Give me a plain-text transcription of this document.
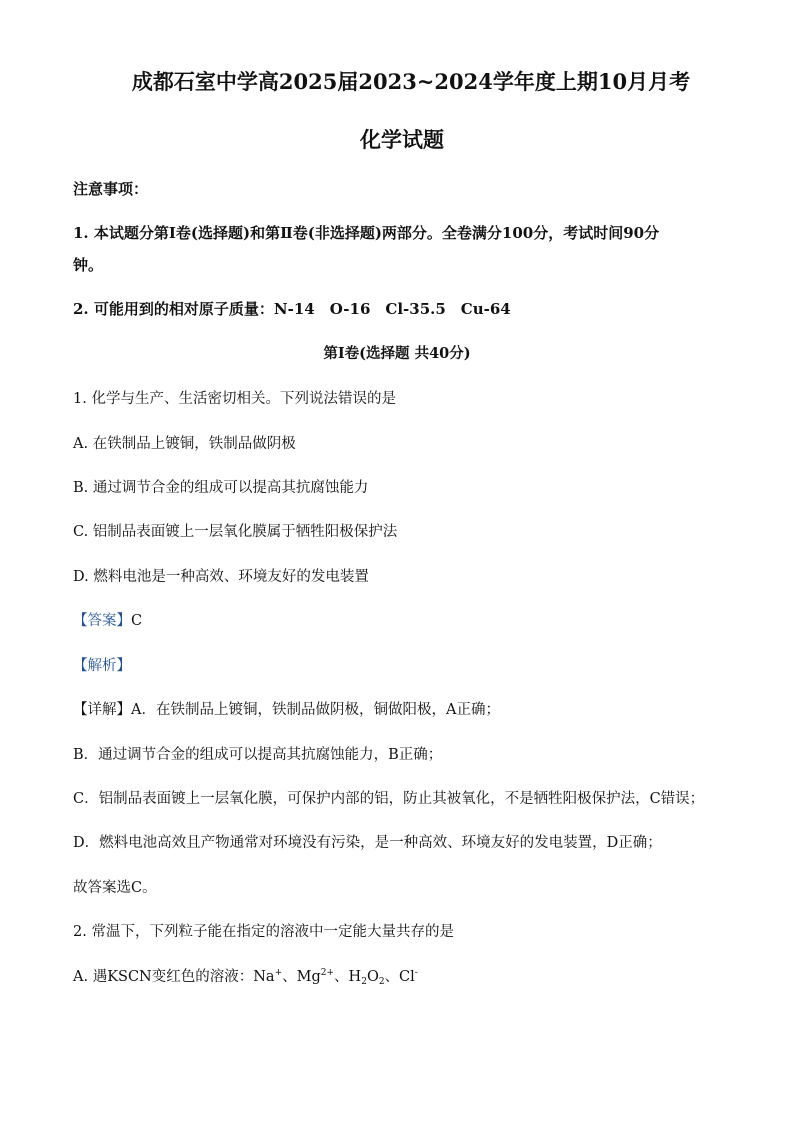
成都石室中学高2025届2023~2024学年度上期10月月考
化学试题
注意事项：
1. 本试题分第Ⅰ卷(选择题)和第Ⅱ卷(非选择题)两部分。全卷满分100分，考试时间90分
钟。
2. 可能用到的相对原子质量：N-14　O-16　Cl-35.5　Cu-64
第Ⅰ卷(选择题 共40分)
1. 化学与生产、生活密切相关。下列说法错误的是
A. 在铁制品上镀铜，铁制品做阴极
B. 通过调节合金的组成可以提高其抗腐蚀能力
C. 铝制品表面镀上一层氧化膜属于牺牲阳极保护法
D. 燃料电池是一种高效、环境友好的发电装置
【答案】C
【解析】
【详解】A．在铁制品上镀铜，铁制品做阴极，铜做阳极，A正确；
B．通过调节合金的组成可以提高其抗腐蚀能力，B正确；
C．铝制品表面镀上一层氧化膜，可保护内部的铝，防止其被氧化，不是牺牲阳极保护法，C错误；
D．燃料电池高效且产物通常对环境没有污染，是一种高效、环境友好的发电装置，D正确；
故答案选C。
2. 常温下，下列粒子能在指定的溶液中一定能大量共存的是
A. 遇KSCN变红色的溶液：Na+、$Mg^{2+}$、$H_2O_2$、Cl-
